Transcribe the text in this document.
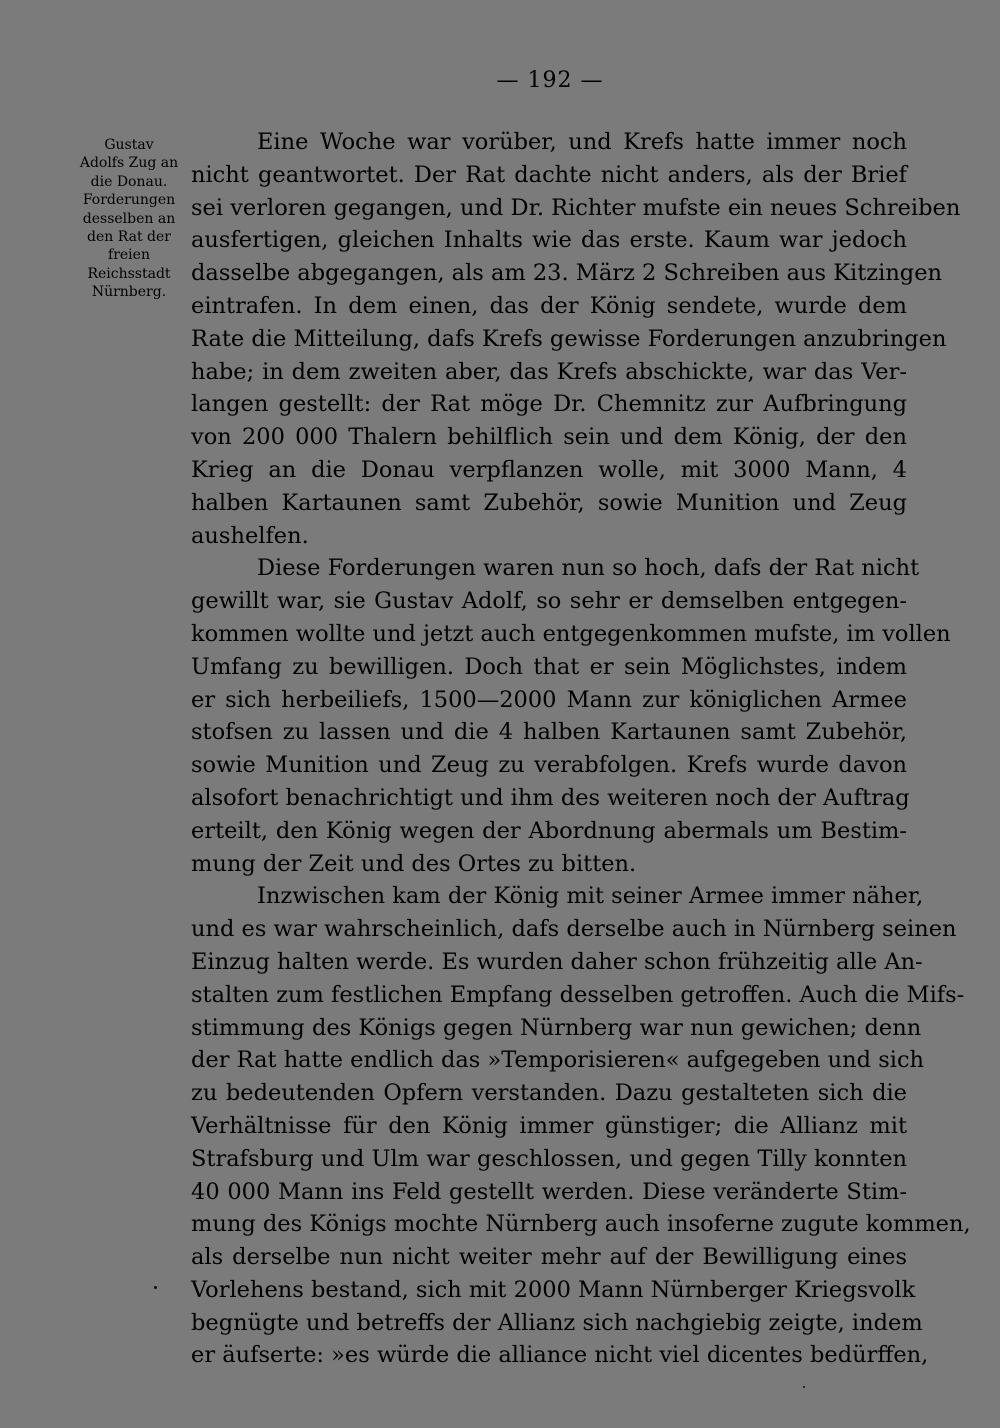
— 192 —
Gustav
Adolfs Zug an
die Donau.
Forderungen
desselben an
den Rat der
freien
Reichsstadt
Nürnberg.
Eine Woche war vorüber, und Krefs hatte immer noch
nicht geantwortet. Der Rat dachte nicht anders, als der Brief
sei verloren gegangen, und Dr. Richter mufste ein neues Schreiben
ausfertigen, gleichen Inhalts wie das erste. Kaum war jedoch
dasselbe abgegangen, als am 23. März 2 Schreiben aus Kitzingen
eintrafen. In dem einen, das der König sendete, wurde dem
Rate die Mitteilung, dafs Krefs gewisse Forderungen anzubringen
habe; in dem zweiten aber, das Krefs abschickte, war das Ver-
langen gestellt: der Rat möge Dr. Chemnitz zur Aufbringung
von 200 000 Thalern behilflich sein und dem König, der den
Krieg an die Donau verpflanzen wolle, mit 3000 Mann, 4
halben Kartaunen samt Zubehör, sowie Munition und Zeug
aushelfen.
Diese Forderungen waren nun so hoch, dafs der Rat nicht
gewillt war, sie Gustav Adolf, so sehr er demselben entgegen-
kommen wollte und jetzt auch entgegenkommen mufste, im vollen
Umfang zu bewilligen. Doch that er sein Möglichstes, indem
er sich herbeiliefs, 1500—2000 Mann zur königlichen Armee
stofsen zu lassen und die 4 halben Kartaunen samt Zubehör,
sowie Munition und Zeug zu verabfolgen. Krefs wurde davon
alsofort benachrichtigt und ihm des weiteren noch der Auftrag
erteilt, den König wegen der Abordnung abermals um Bestim-
mung der Zeit und des Ortes zu bitten.
Inzwischen kam der König mit seiner Armee immer näher,
und es war wahrscheinlich, dafs derselbe auch in Nürnberg seinen
Einzug halten werde. Es wurden daher schon frühzeitig alle An-
stalten zum festlichen Empfang desselben getroffen. Auch die Mifs-
stimmung des Königs gegen Nürnberg war nun gewichen; denn
der Rat hatte endlich das »Temporisieren« aufgegeben und sich
zu bedeutenden Opfern verstanden. Dazu gestalteten sich die
Verhältnisse für den König immer günstiger; die Allianz mit
Strafsburg und Ulm war geschlossen, und gegen Tilly konnten
40 000 Mann ins Feld gestellt werden. Diese veränderte Stim-
mung des Königs mochte Nürnberg auch insoferne zugute kommen,
als derselbe nun nicht weiter mehr auf der Bewilligung eines
Vorlehens bestand, sich mit 2000 Mann Nürnberger Kriegsvolk
begnügte und betreffs der Allianz sich nachgiebig zeigte, indem
er äufserte: »es würde die alliance nicht viel dicentes bedürffen,
